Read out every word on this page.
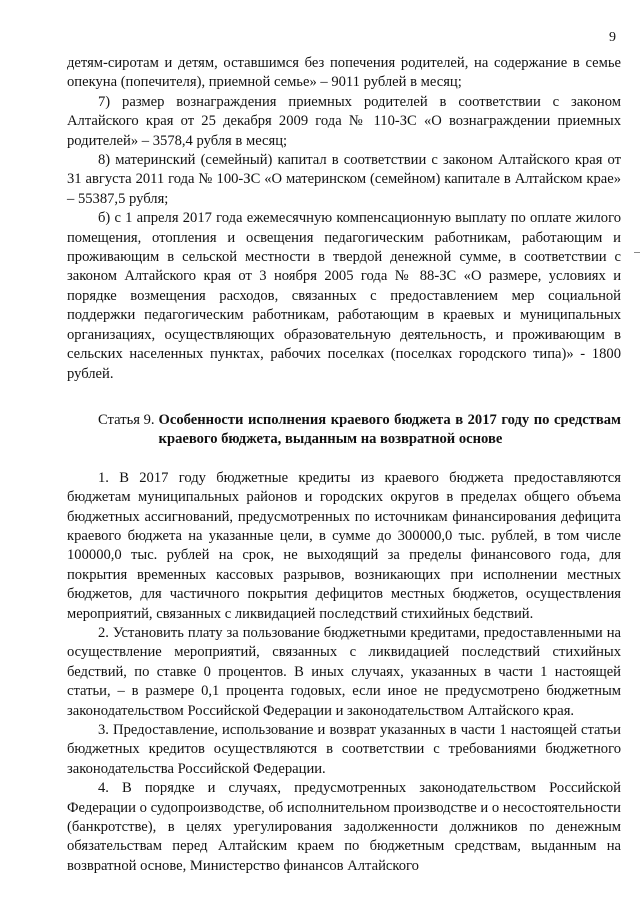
9

детям-сиротам и детям, оставшимся без попечения родителей, на содержание в семье опекуна (попечителя), приемной семье» – 9011 рублей в месяц;

7) размер вознаграждения приемных родителей в соответствии с законом Алтайского края от 25 декабря 2009 года № 110-ЗС «О вознаграждении приемных родителей» – 3578,4 рубля в месяц;

8) материнский (семейный) капитал в соответствии с законом Алтайского края от 31 августа 2011 года № 100-ЗС «О материнском (семейном) капитале в Алтайском крае» – 55387,5 рубля;

б) с 1 апреля 2017 года ежемесячную компенсационную выплату по оплате жилого помещения, отопления и освещения педагогическим работникам, работающим и проживающим в сельской местности в твердой денежной сумме, в соответствии с законом Алтайского края от 3 ноября 2005 года № 88-ЗС «О размере, условиях и порядке возмещения расходов, связанных с предоставлением мер социальной поддержки педагогическим работникам, работающим в краевых и муниципальных организациях, осуществляющих образовательную деятельность, и проживающим в сельских населенных пунктах, рабочих поселках (поселках городского типа)» - 1800 рублей.

Статья 9. Особенности исполнения краевого бюджета в 2017 году по средствам краевого бюджета, выданным на возвратной основе

1. В 2017 году бюджетные кредиты из краевого бюджета предоставляются бюджетам муниципальных районов и городских округов в пределах общего объема бюджетных ассигнований, предусмотренных по источникам финансирования дефицита краевого бюджета на указанные цели, в сумме до 300000,0 тыс. рублей, в том числе 100000,0 тыс. рублей на срок, не выходящий за пределы финансового года, для покрытия временных кассовых разрывов, возникающих при исполнении местных бюджетов, для частичного покрытия дефицитов местных бюджетов, осуществления мероприятий, связанных с ликвидацией последствий стихийных бедствий.

2. Установить плату за пользование бюджетными кредитами, предоставленными на осуществление мероприятий, связанных с ликвидацией последствий стихийных бедствий, по ставке 0 процентов. В иных случаях, указанных в части 1 настоящей статьи, – в размере 0,1 процента годовых, если иное не предусмотрено бюджетным законодательством Российской Федерации и законодательством Алтайского края.

3. Предоставление, использование и возврат указанных в части 1 настоящей статьи бюджетных кредитов осуществляются в соответствии с требованиями бюджетного законодательства Российской Федерации.

4. В порядке и случаях, предусмотренных законодательством Российской Федерации о судопроизводстве, об исполнительном производстве и о несостоятельности (банкротстве), в целях урегулирования задолженности должников по денежным обязательствам перед Алтайским краем по бюджетным средствам, выданным на возвратной основе, Министерство финансов Алтайского
